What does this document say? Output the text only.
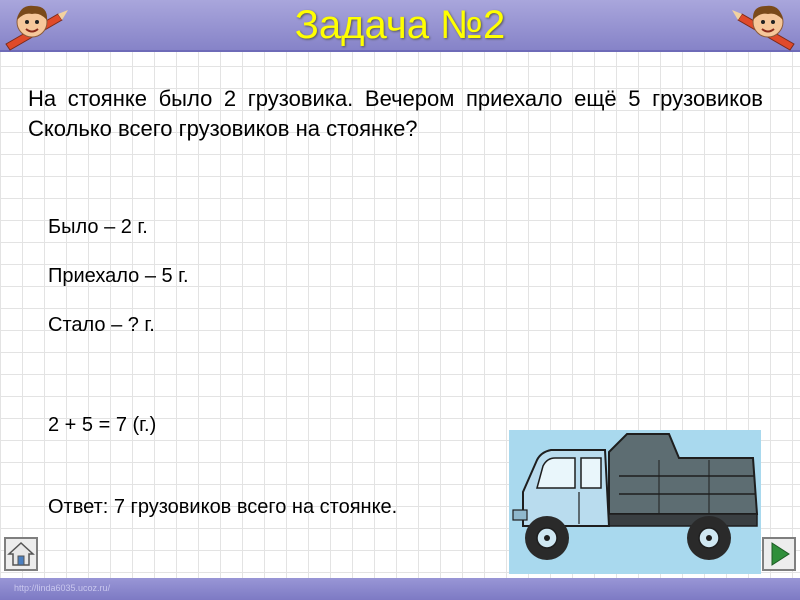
Задача №2
На стоянке было 2 грузовика. Вечером приехало ещё 5 грузовиков Сколько всего грузовиков на стоянке?
Было – 2 г.
Приехало – 5 г.
Стало – ? г.
2 + 5 = 7 (г.)
Ответ: 7 грузовиков всего на стоянке.
http://linda6035.ucoz.ru/
